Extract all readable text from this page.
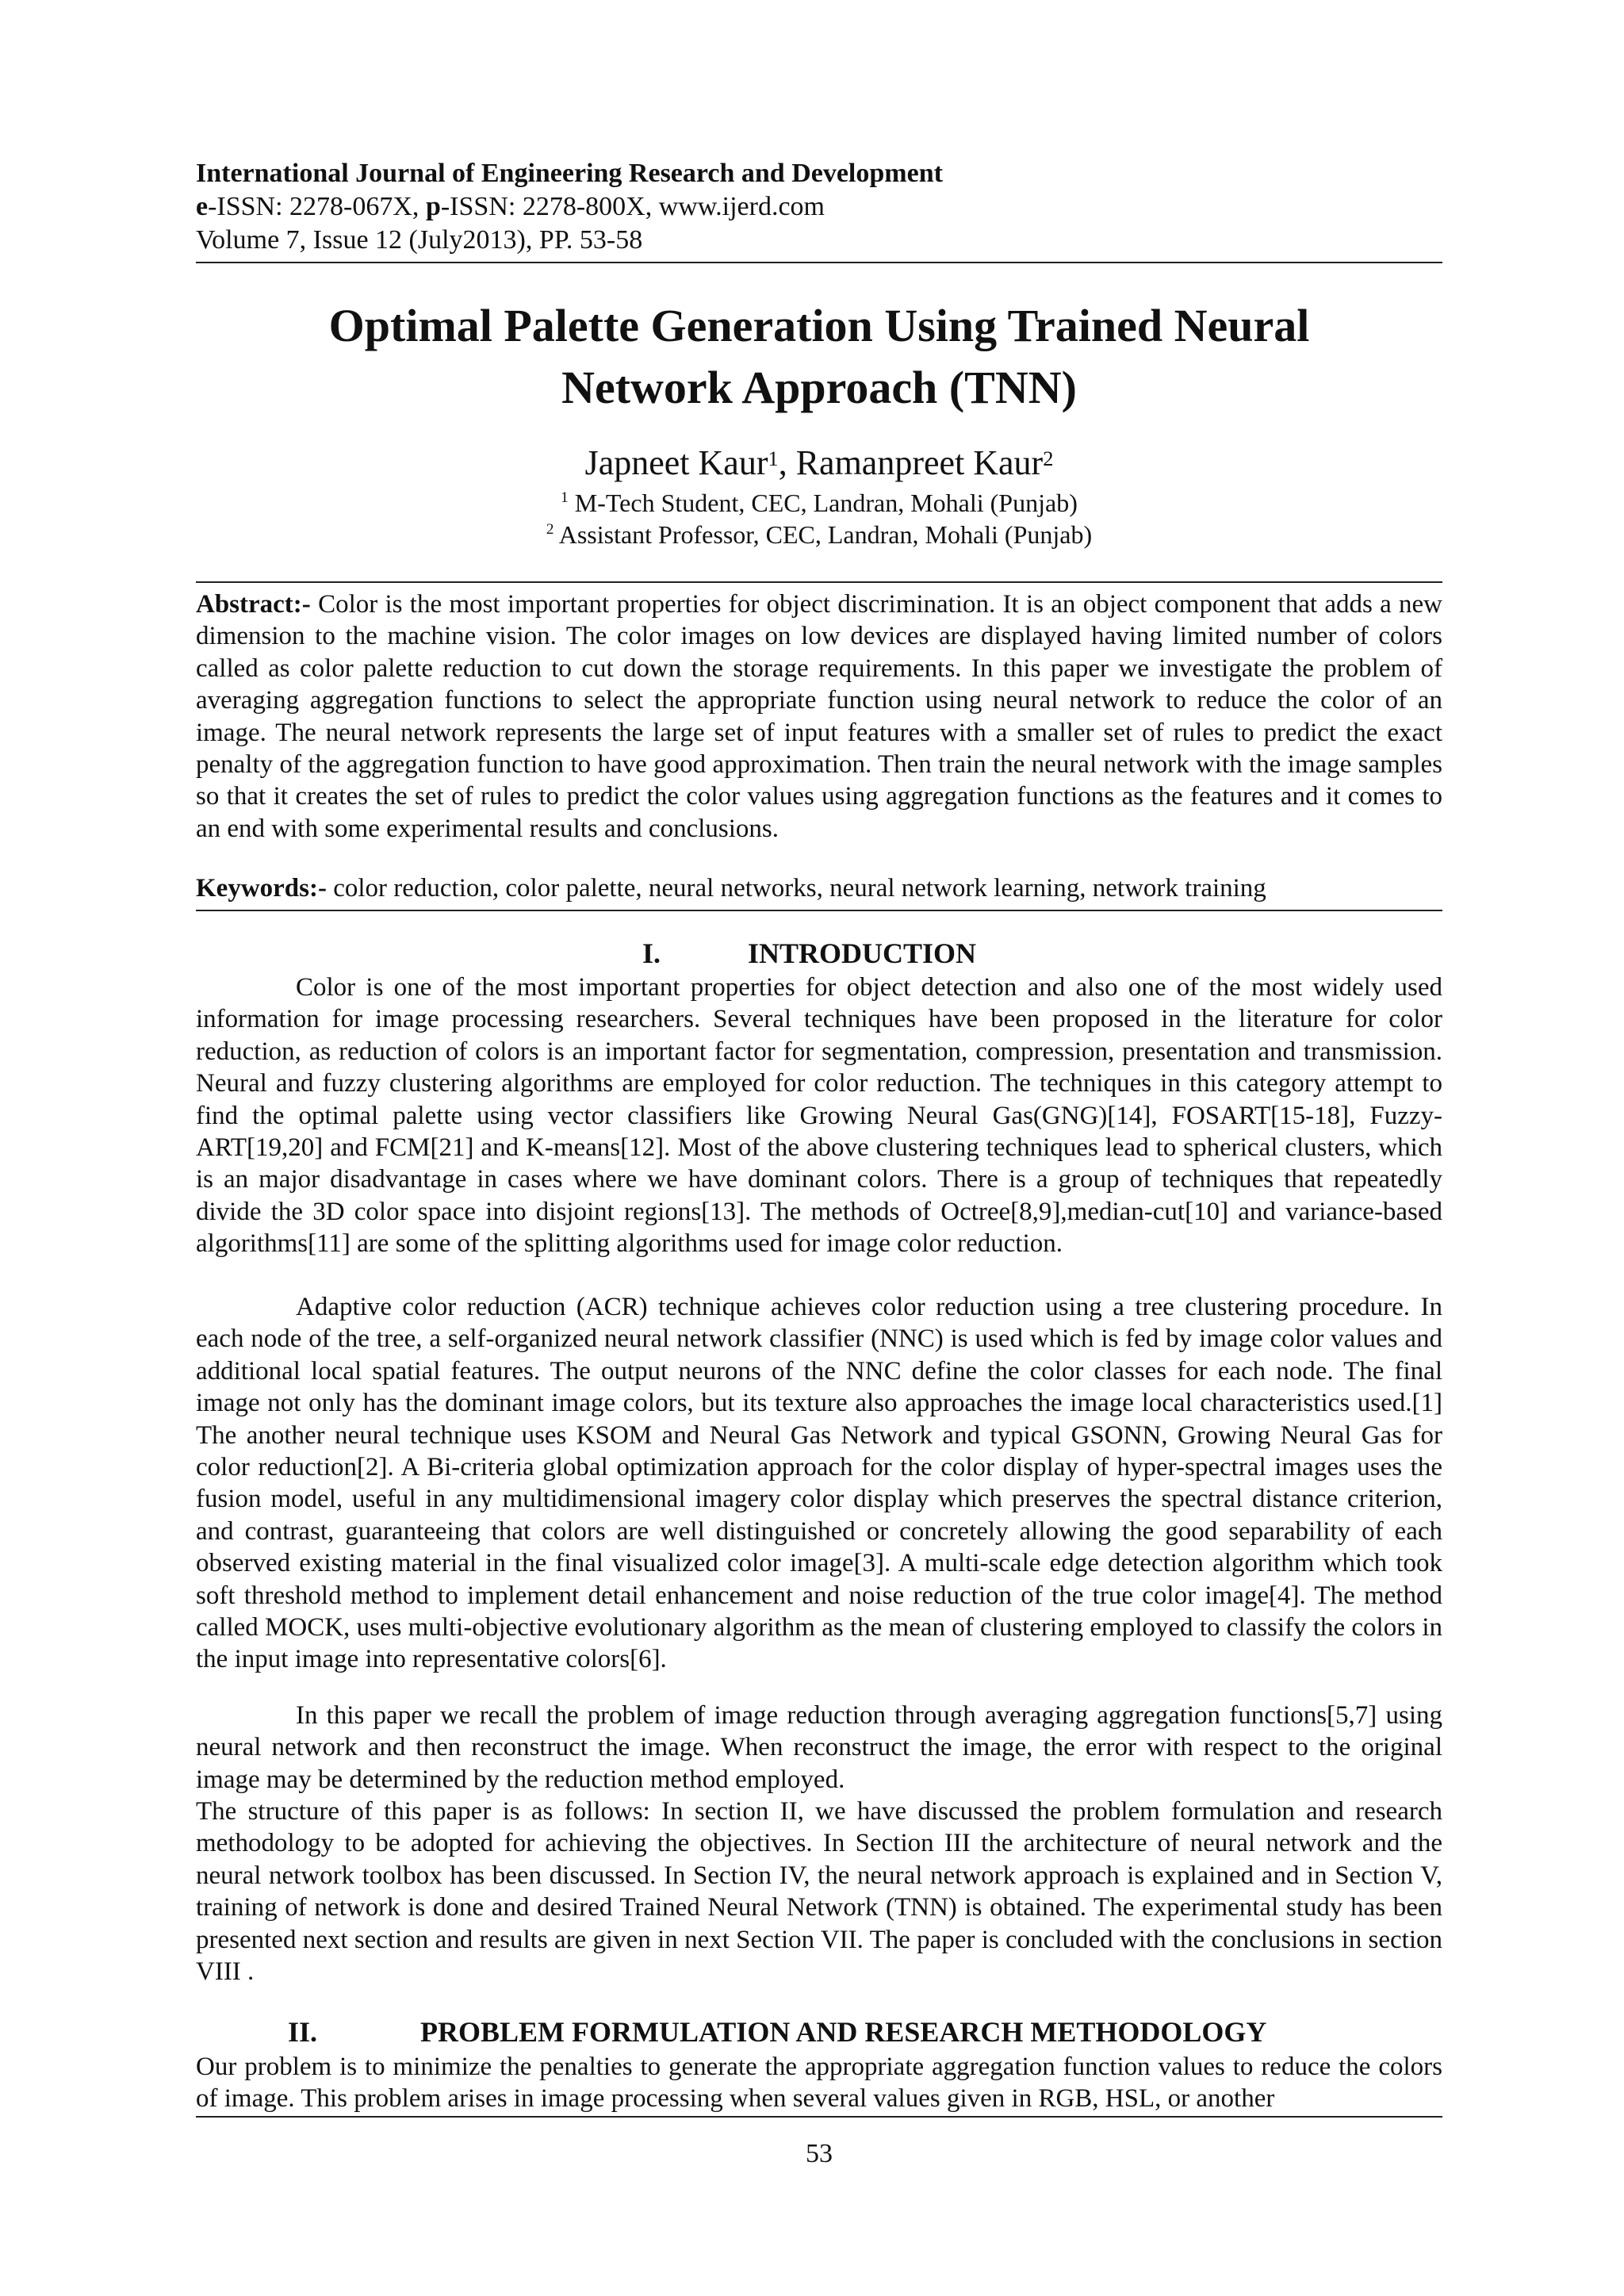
International Journal of Engineering Research and Development
e-ISSN: 2278-067X, p-ISSN: 2278-800X, www.ijerd.com
Volume 7, Issue 12 (July2013), PP. 53-58
Optimal Palette Generation Using Trained Neural
Network Approach (TNN)
Japneet Kaur$^1$, Ramanpreet Kaur$^2$
$^1$ M-Tech Student, CEC, Landran, Mohali (Punjab)
$^2$ Assistant Professor, CEC, Landran, Mohali (Punjab)

Abstract:- Color is the most important properties for object discrimination. It is an object component that adds a new dimension to the machine vision. The color images on low devices are displayed having limited number of colors called as color palette reduction to cut down the storage requirements. In this paper we investigate the problem of averaging aggregation functions to select the appropriate function using neural network to reduce the color of an image. The neural network represents the large set of input features with a smaller set of rules to predict the exact penalty of the aggregation function to have good approximation. Then train the neural network with the image samples so that it creates the set of rules to predict the color values using aggregation functions as the features and it comes to an end with some experimental results and conclusions.

Keywords:- color reduction, color palette, neural networks, neural network learning, network training

I.	INTRODUCTION

Color is one of the most important properties for object detection and also one of the most widely used information for image processing researchers. Several techniques have been proposed in the literature for color reduction, as reduction of colors is an important factor for segmentation, compression, presentation and transmission. Neural and fuzzy clustering algorithms are employed for color reduction. The techniques in this category attempt to find the optimal palette using vector classifiers like Growing Neural Gas(GNG)[14], FOSART[15-18], Fuzzy-ART[19,20] and FCM[21] and K-means[12]. Most of the above clustering techniques lead to spherical clusters, which is an major disadvantage in cases where we have dominant colors. There is a group of techniques that repeatedly divide the 3D color space into disjoint regions[13]. The methods of Octree[8,9],median-cut[10] and variance-based algorithms[11] are some of the splitting algorithms used for image color reduction.

Adaptive color reduction (ACR) technique achieves color reduction using a tree clustering procedure. In each node of the tree, a self-organized neural network classifier (NNC) is used which is fed by image color values and additional local spatial features. The output neurons of the NNC define the color classes for each node. The final image not only has the dominant image colors, but its texture also approaches the image local characteristics used.[1] The another neural technique uses KSOM and Neural Gas Network and typical GSONN, Growing Neural Gas for color reduction[2]. A Bi-criteria global optimization approach for the color display of hyper-spectral images uses the fusion model, useful in any multidimensional imagery color display which preserves the spectral distance criterion, and contrast, guaranteeing that colors are well distinguished or concretely allowing the good separability of each observed existing material in the final visualized color image[3]. A multi-scale edge detection algorithm which took soft threshold method to implement detail enhancement and noise reduction of the true color image[4]. The method called MOCK, uses multi-objective evolutionary algorithm as the mean of clustering employed to classify the colors in the input image into representative colors[6].

In this paper we recall the problem of image reduction through averaging aggregation functions[5,7] using neural network and then reconstruct the image. When reconstruct the image, the error with respect to the original image may be determined by the reduction method employed.

The structure of this paper is as follows: In section II, we have discussed the problem formulation and research methodology to be adopted for achieving the objectives. In Section III the architecture of neural network and the neural network toolbox has been discussed. In Section IV, the neural network approach is explained and in Section V, training of network is done and desired Trained Neural Network (TNN) is obtained. The experimental study has been presented next section and results are given in next Section VII. The paper is concluded with the conclusions in section VIII .

II.	PROBLEM FORMULATION AND RESEARCH METHODOLOGY

Our problem is to minimize the penalties to generate the appropriate aggregation function values to reduce the colors of image. This problem arises in image processing when several values given in RGB, HSL, or another

53
